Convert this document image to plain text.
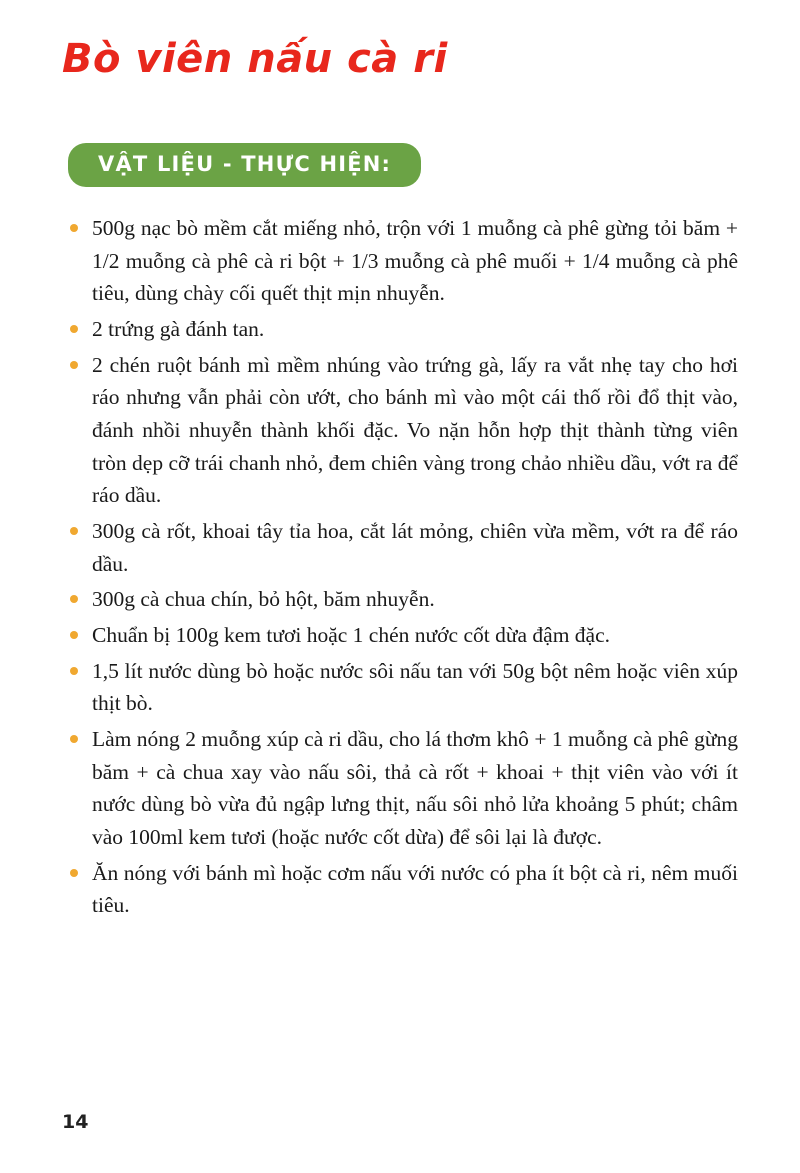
Bò viên nấu cà ri
VẬT LIỆU - THỰC HIỆN:
500g nạc bò mềm cắt miếng nhỏ, trộn với 1 muỗng cà phê gừng tỏi băm + 1/2 muỗng cà phê cà ri bột + 1/3 muỗng cà phê muối + 1/4 muỗng cà phê tiêu, dùng chày cối quết thịt mịn nhuyễn.
2 trứng gà đánh tan.
2 chén ruột bánh mì mềm nhúng vào trứng gà, lấy ra vắt nhẹ tay cho hơi ráo nhưng vẫn phải còn ướt, cho bánh mì vào một cái thố rồi đổ thịt vào, đánh nhồi nhuyễn thành khối đặc. Vo nặn hỗn hợp thịt thành từng viên tròn dẹp cỡ trái chanh nhỏ, đem chiên vàng trong chảo nhiều dầu, vớt ra để ráo dầu.
300g cà rốt, khoai tây tỉa hoa, cắt lát mỏng, chiên vừa mềm, vớt ra để ráo dầu.
300g cà chua chín, bỏ hột, băm nhuyễn.
Chuẩn bị 100g kem tươi hoặc 1 chén nước cốt dừa đậm đặc.
1,5 lít nước dùng bò hoặc nước sôi nấu tan với 50g bột nêm hoặc viên xúp thịt bò.
Làm nóng 2 muỗng xúp cà ri dầu, cho lá thơm khô + 1 muỗng cà phê gừng băm + cà chua xay vào nấu sôi, thả cà rốt + khoai + thịt viên vào với ít nước dùng bò vừa đủ ngập lưng thịt, nấu sôi nhỏ lửa khoảng 5 phút; châm vào 100ml kem tươi (hoặc nước cốt dừa) để sôi lại là được.
Ăn nóng với bánh mì hoặc cơm nấu với nước có pha ít bột cà ri, nêm muối tiêu.
14
